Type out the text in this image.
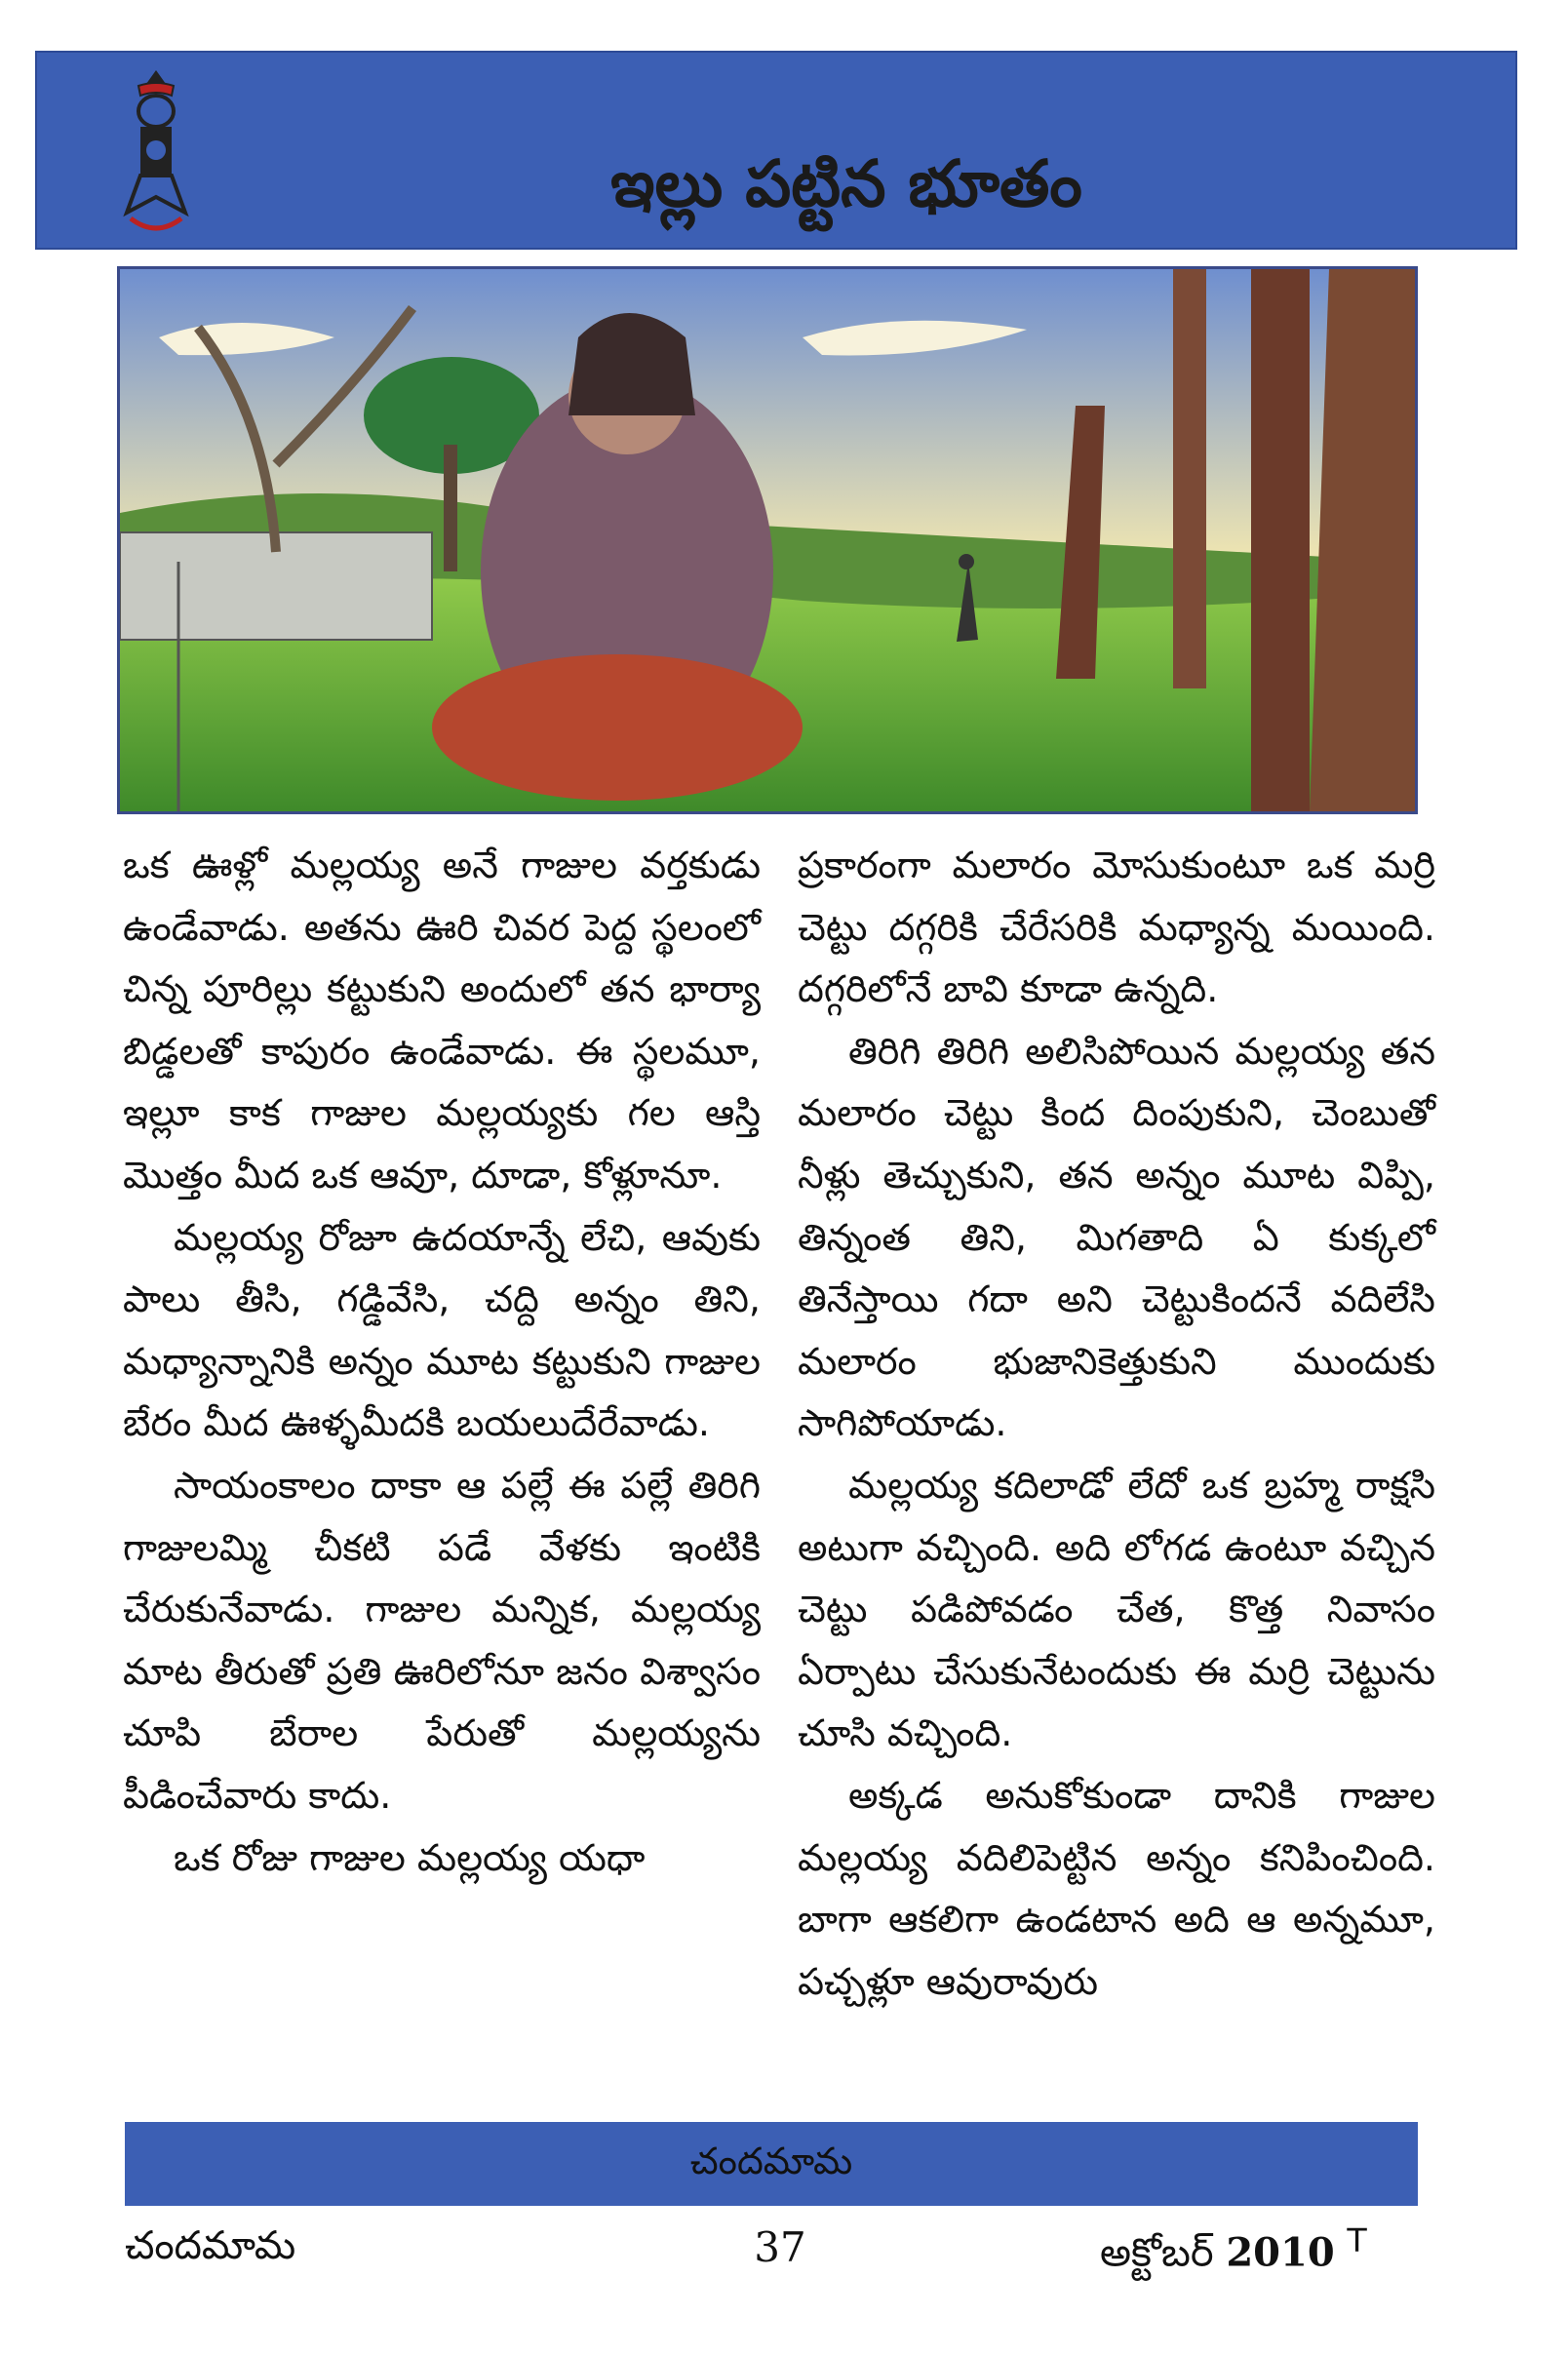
ఇల్లు పట్టిన భూతం

ఒక ఊళ్లో మల్లయ్య అనే గాజుల వర్తకుడు ఉండేవాడు. అతను ఊరి చివర పెద్ద స్థలంలో చిన్న పూరిల్లు కట్టుకుని అందులో తన భార్యా బిడ్డలతో కాపురం ఉండేవాడు. ఈ స్థలమూ, ఇల్లూ కాక గాజుల మల్లయ్యకు గల ఆస్తి మొత్తం మీద ఒక ఆవూ, దూడా, కోళ్లూనూ.

మల్లయ్య రోజూ ఉదయాన్నే లేచి, ఆవుకు పాలు తీసి, గడ్డివేసి, చద్ది అన్నం తిని, మధ్యాన్నానికి అన్నం మూట కట్టుకుని గాజుల బేరం మీద ఊళ్ళమీదకి బయలుదేరేవాడు.

సాయంకాలం దాకా ఆ పల్లే ఈ పల్లే తిరిగి గాజులమ్మి చీకటి పడే వేళకు ఇంటికి చేరుకునేవాడు. గాజుల మన్నిక, మల్లయ్య మాట తీరుతో ప్రతి ఊరిలోనూ జనం విశ్వాసం చూపి బేరాల పేరుతో మల్లయ్యను పీడించేవారు కాదు.

ఒక రోజు గాజుల మల్లయ్య యధా

ప్రకారంగా మలారం మోసుకుంటూ ఒక మర్రి చెట్టు దగ్గరికి చేరేసరికి మధ్యాన్న మయింది. దగ్గరిలోనే బావి కూడా ఉన్నది.

తిరిగి తిరిగి అలిసిపోయిన మల్లయ్య తన మలారం చెట్టు కింద దింపుకుని, చెంబుతో నీళ్లు తెచ్చుకుని, తన అన్నం మూట విప్పి, తిన్నంత తిని, మిగతాది ఏ కుక్కలో తినేస్తాయి గదా అని చెట్టుకిందనే వదిలేసి మలారం భుజానికెత్తుకుని ముందుకు సాగిపోయాడు.

మల్లయ్య కదిలాడో లేదో ఒక బ్రహ్మ రాక్షసి అటుగా వచ్చింది. అది లోగడ ఉంటూ వచ్చిన చెట్టు పడిపోవడం చేత, కొత్త నివాసం ఏర్పాటు చేసుకునేటందుకు ఈ మర్రి చెట్టును చూసి వచ్చింది.

అక్కడ అనుకోకుండా దానికి గాజుల మల్లయ్య వదిలిపెట్టిన అన్నం కనిపించింది. బాగా ఆకలిగా ఉండటాన అది ఆ అన్నమూ, పచ్చళ్లూ ఆవురావురు

చందమామ
చందమామ	37	అక్టోబర్ 2010 $^T$
